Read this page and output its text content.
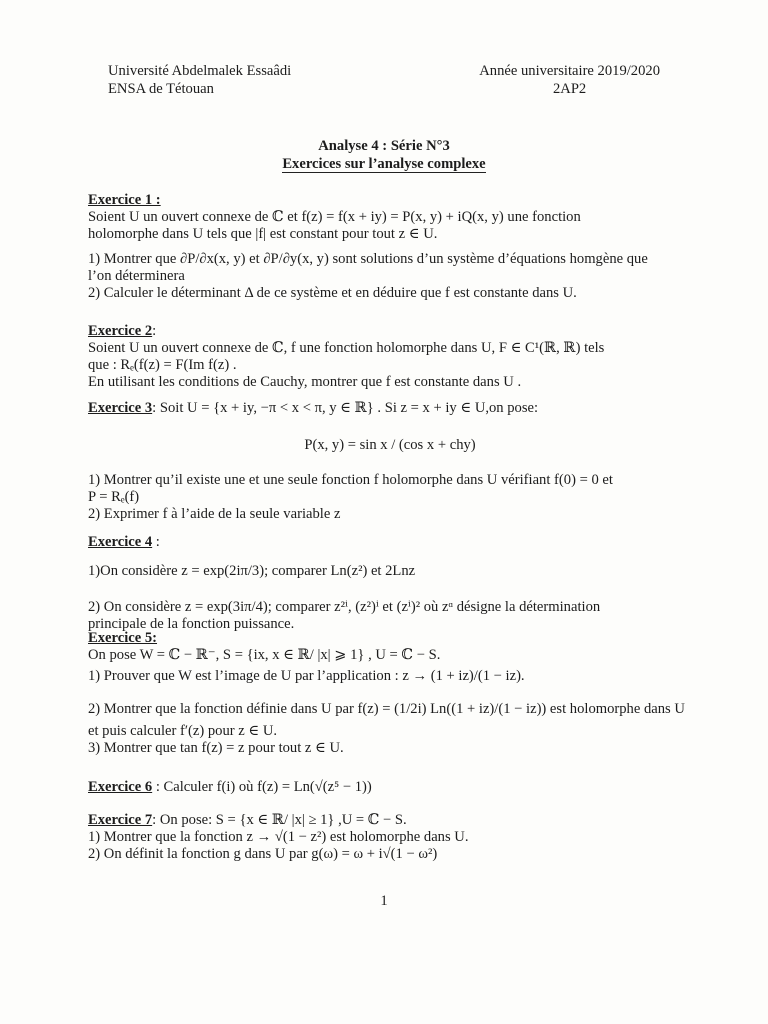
Université Abdelmalek Essaâdi
ENSA de Tétouan
Année universitaire 2019/2020
2AP2
Analyse 4 : Série N°3
Exercices sur l’analyse complexe
Exercice 1 :
Soient U un ouvert connexe de ℂ et f(z) = f(x + iy) = P(x, y) + iQ(x, y) une fonction
holomorphe dans U tels que |f| est constant pour tout z ∈ U.
1) Montrer que ∂P/∂x(x, y) et ∂P/∂y(x, y) sont solutions d’un système d’équations homgène que
l’on déterminera
2) Calculer le déterminant Δ de ce système et en déduire que f est constante dans U.
Exercice 2:
Soient U un ouvert connexe de ℂ, f une fonction holomorphe dans U, F ∈ C¹(ℝ, ℝ) tels
que : Rₑ(f(z) = F(Im f(z) .
En utilisant les conditions de Cauchy, montrer que f est constante dans U .
Exercice 3: Soit U = {x + iy, −π < x < π, y ∈ ℝ} . Si z = x + iy ∈ U,on pose:
P(x, y) = sin x / (cos x + chy)
1) Montrer qu’il existe une et une seule fonction f holomorphe dans U vérifiant f(0) = 0 et
P = Rₑ(f)
2) Exprimer f à l’aide de la seule variable z
Exercice 4 :
1)On considère z = exp(2iπ/3); comparer Ln(z²) et 2Lnz
2) On considère z = exp(3iπ/4); comparer z²ⁱ, (z²)ⁱ et (zⁱ)² où zᵅ désigne la détermination
principale de la fonction puissance.
Exercice 5:
On pose W = ℂ − ℝ⁻, S = {ix, x ∈ ℝ/ |x| ⩾ 1} , U = ℂ − S.
1) Prouver que W est l’image de U par l’application : z → (1 + iz)/(1 − iz).
2) Montrer que la fonction définie dans U par f(z) = (1/2i) Ln((1 + iz)/(1 − iz)) est holomorphe dans U
et puis calculer f′(z) pour z ∈ U.
3) Montrer que tan f(z) = z pour tout z ∈ U.
Exercice 6 : Calculer f(i) où f(z) = Ln(√(z⁵ − 1))
Exercice 7: On pose: S = {x ∈ ℝ/ |x| ≥ 1} ,U = ℂ − S.
1) Montrer que la fonction z → √(1 − z²) est holomorphe dans U.
2) On définit la fonction g dans U par g(ω) = ω + i√(1 − ω²)
1
